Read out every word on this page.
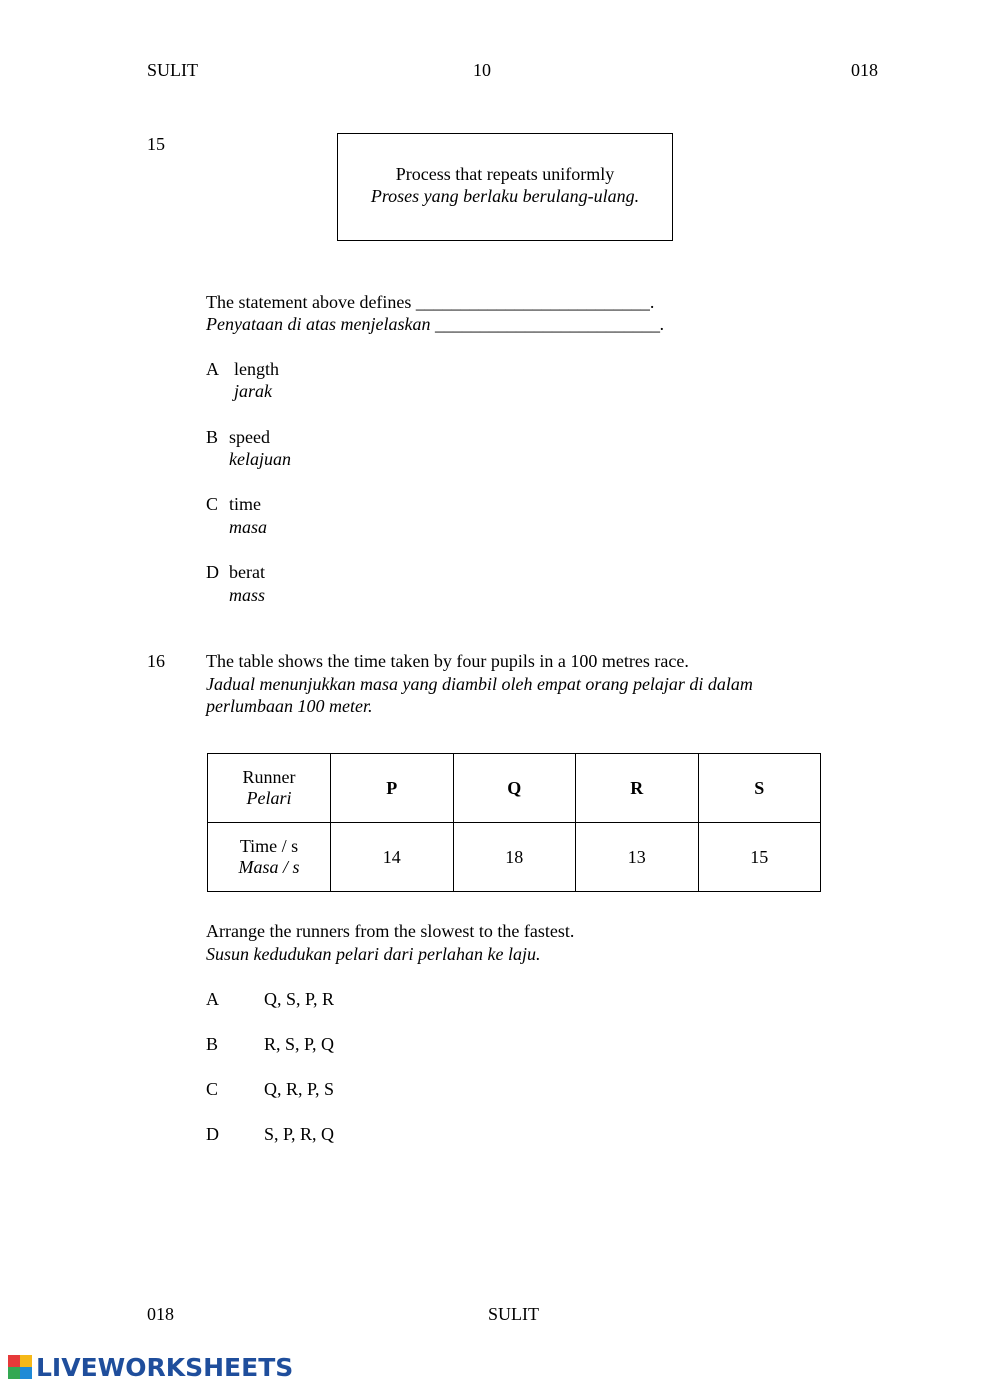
SULIT	10	018
15
Process that repeats uniformly
Proses yang berlaku berulang-ulang.
The statement above defines __________________________.
Penyataan di atas menjelaskan _________________________.
A length
jarak
B speed
kelajuan
C time
masa
D berat
mass
16 The table shows the time taken by four pupils in a 100 metres race.
Jadual menunjukkan masa yang diambil oleh empat orang pelajar di dalam
perlumbaan 100 meter.
Runner
Pelari	P	Q	R	S

Time / s
Masa / s	14	18	13	15
Arrange the runners from the slowest to the fastest.
Susun kedudukan pelari dari perlahan ke laju.
A	Q, S, P, R
B	R, S, P, Q
C	Q, R, P, S
D	S, P, R, Q
018	SULIT
LIVEWORKSHEETS
